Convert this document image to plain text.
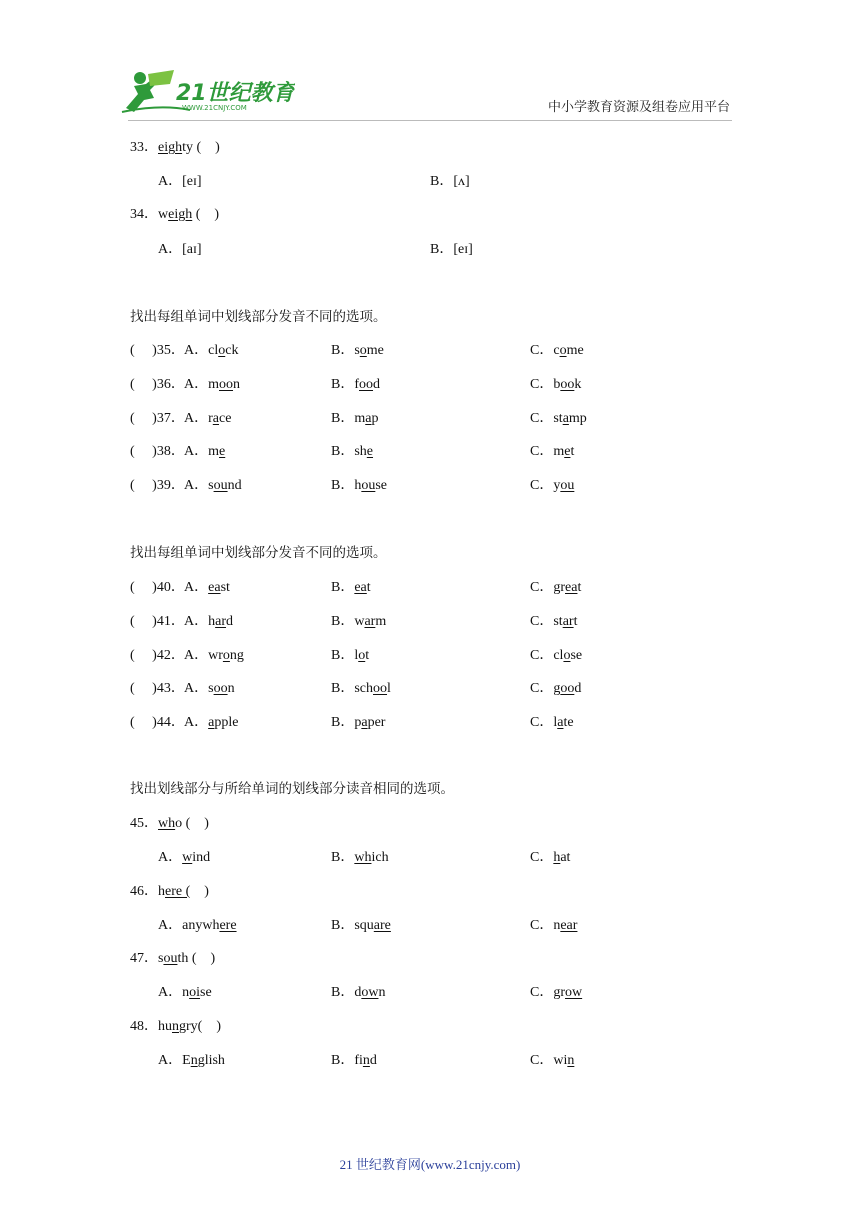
21世纪教育
WWW.21CNJY.COM	中小学教育资源及组卷应用平台
33．eighty (　)
A．[eɪ]	B．[ʌ]
34．weigh (　)
A．[aɪ]	B．[eɪ]
找出每组单词中划线部分发音不同的选项。
( 　)35． A．clock	B．some	C．come
( 　)36． A．moon	B．food	C．book
( 　)37． A．race	B．map	C．stamp
( 　)38． A．me	B．she	C．met
( 　)39． A．sound	B．house	C．you
找出每组单词中划线部分发音不同的选项。
( 　)40． A．east	B．eat	C．great
( 　)41． A．hard	B．warm	C．start
( 　)42． A．wrong	B．lot	C．close
( 　)43． A．soon	B．school	C．good
( 　)44． A．apple	B．paper	C．late
找出划线部分与所给单词的划线部分读音相同的选项。
45．who (　)
A．wind	B．which	C．hat
46．here (　)
A．anywhere	B．square	C．near
47．south (　)
A．noise	B．down	C．grow
48．hungry(　)
A．English	B．find	C．win
21 世纪教育网(www.21cnjy.com)
